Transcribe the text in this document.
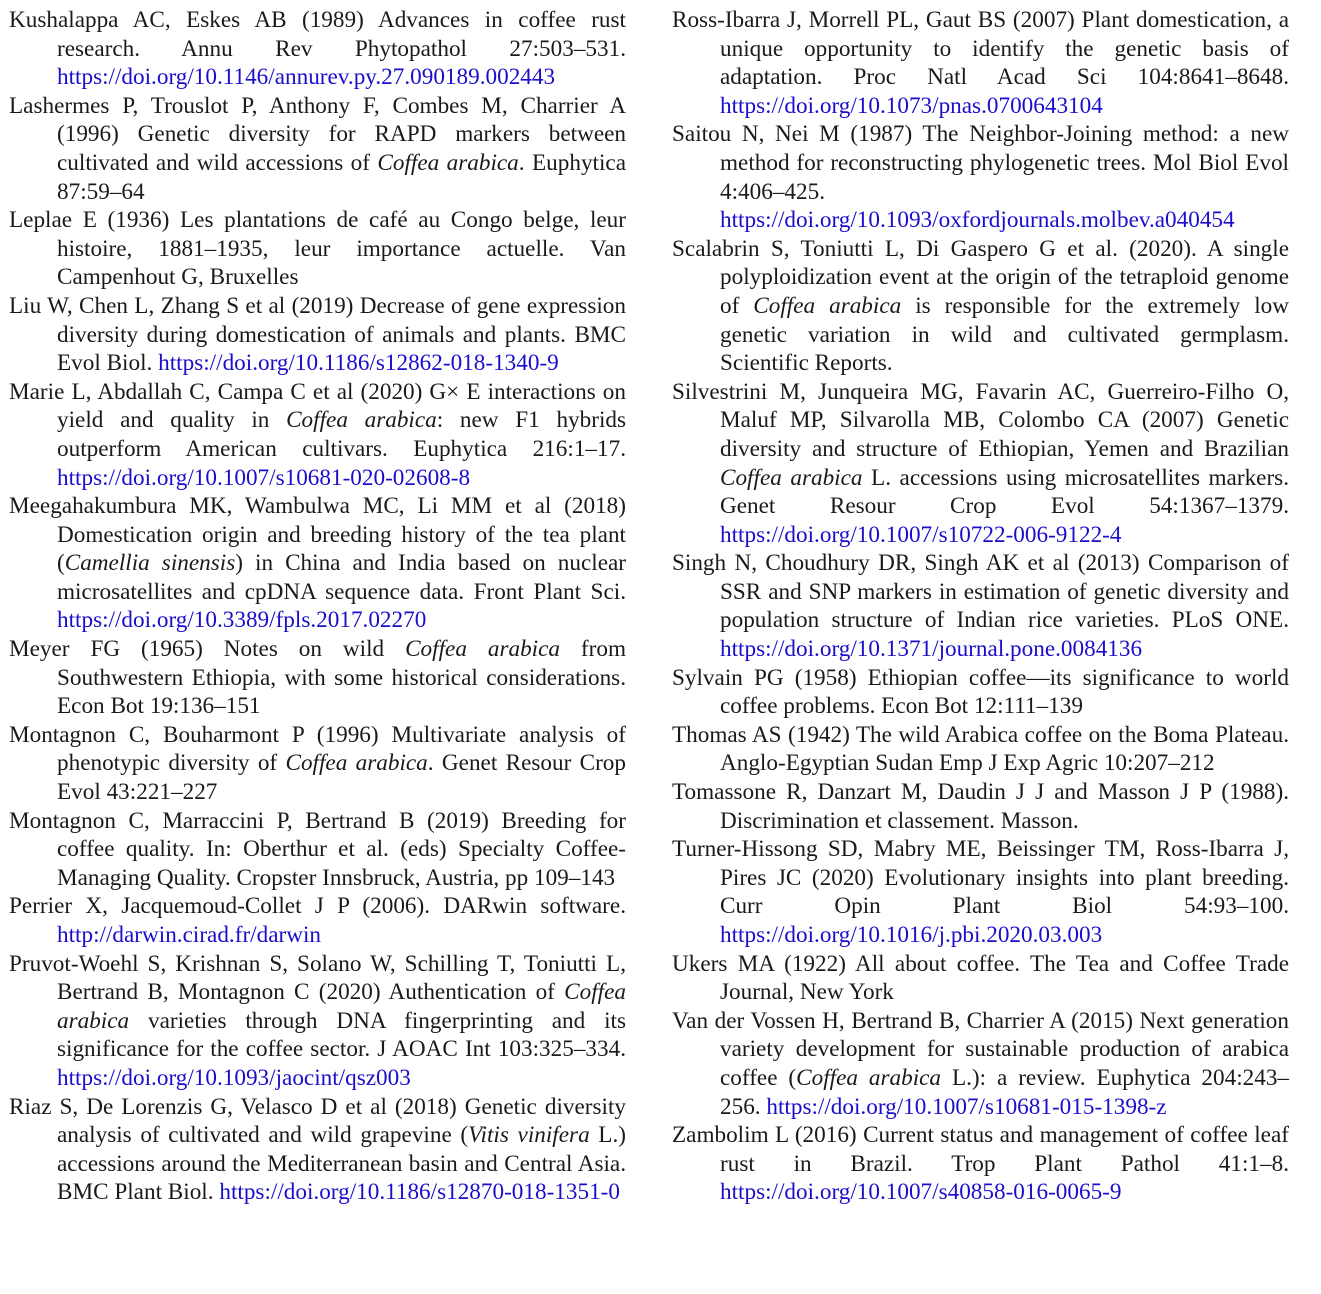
Kushalappa AC, Eskes AB (1989) Advances in coffee rust research. Annu Rev Phytopathol 27:503–531. https://doi.org/10.1146/annurev.py.27.090189.002443

Lashermes P, Trouslot P, Anthony F, Combes M, Charrier A (1996) Genetic diversity for RAPD markers between cultivated and wild accessions of Coffea arabica. Euphytica 87:59–64

Leplae E (1936) Les plantations de café au Congo belge, leur histoire, 1881–1935, leur importance actuelle. Van Campenhout G, Bruxelles

Liu W, Chen L, Zhang S et al (2019) Decrease of gene expression diversity during domestication of animals and plants. BMC Evol Biol. https://doi.org/10.1186/s12862-018-1340-9

Marie L, Abdallah C, Campa C et al (2020) G× E interactions on yield and quality in Coffea arabica: new F1 hybrids outperform American cultivars. Euphytica 216:1–17. https://doi.org/10.1007/s10681-020-02608-8

Meegahakumbura MK, Wambulwa MC, Li MM et al (2018) Domestication origin and breeding history of the tea plant (Camellia sinensis) in China and India based on nuclear microsatellites and cpDNA sequence data. Front Plant Sci. https://doi.org/10.3389/fpls.2017.02270

Meyer FG (1965) Notes on wild Coffea arabica from Southwestern Ethiopia, with some historical considerations. Econ Bot 19:136–151

Montagnon C, Bouharmont P (1996) Multivariate analysis of phenotypic diversity of Coffea arabica. Genet Resour Crop Evol 43:221–227

Montagnon C, Marraccini P, Bertrand B (2019) Breeding for coffee quality. In: Oberthur et al. (eds) Specialty Coffee-Managing Quality. Cropster Innsbruck, Austria, pp 109–143

Perrier X, Jacquemoud-Collet J P (2006). DARwin software. http://darwin.cirad.fr/darwin

Pruvot-Woehl S, Krishnan S, Solano W, Schilling T, Toniutti L, Bertrand B, Montagnon C (2020) Authentication of Coffea arabica varieties through DNA fingerprinting and its significance for the coffee sector. J AOAC Int 103:325–334. https://doi.org/10.1093/jaocint/qsz003

Riaz S, De Lorenzis G, Velasco D et al (2018) Genetic diversity analysis of cultivated and wild grapevine (Vitis vinifera L.) accessions around the Mediterranean basin and Central Asia. BMC Plant Biol. https://doi.org/10.1186/s12870-018-1351-0

Ross-Ibarra J, Morrell PL, Gaut BS (2007) Plant domestication, a unique opportunity to identify the genetic basis of adaptation. Proc Natl Acad Sci 104:8641–8648. https://doi.org/10.1073/pnas.0700643104

Saitou N, Nei M (1987) The Neighbor-Joining method: a new method for reconstructing phylogenetic trees. Mol Biol Evol 4:406–425. https://doi.org/10.1093/oxfordjournals.molbev.a040454

Scalabrin S, Toniutti L, Di Gaspero G et al. (2020). A single polyploidization event at the origin of the tetraploid genome of Coffea arabica is responsible for the extremely low genetic variation in wild and cultivated germplasm. Scientific Reports.

Silvestrini M, Junqueira MG, Favarin AC, Guerreiro-Filho O, Maluf MP, Silvarolla MB, Colombo CA (2007) Genetic diversity and structure of Ethiopian, Yemen and Brazilian Coffea arabica L. accessions using microsatellites markers. Genet Resour Crop Evol 54:1367–1379. https://doi.org/10.1007/s10722-006-9122-4

Singh N, Choudhury DR, Singh AK et al (2013) Comparison of SSR and SNP markers in estimation of genetic diversity and population structure of Indian rice varieties. PLoS ONE. https://doi.org/10.1371/journal.pone.0084136

Sylvain PG (1958) Ethiopian coffee—its significance to world coffee problems. Econ Bot 12:111–139

Thomas AS (1942) The wild Arabica coffee on the Boma Plateau. Anglo-Egyptian Sudan Emp J Exp Agric 10:207–212

Tomassone R, Danzart M, Daudin J J and Masson J P (1988). Discrimination et classement. Masson.

Turner-Hissong SD, Mabry ME, Beissinger TM, Ross-Ibarra J, Pires JC (2020) Evolutionary insights into plant breeding. Curr Opin Plant Biol 54:93–100. https://doi.org/10.1016/j.pbi.2020.03.003

Ukers MA (1922) All about coffee. The Tea and Coffee Trade Journal, New York

Van der Vossen H, Bertrand B, Charrier A (2015) Next generation variety development for sustainable production of arabica coffee (Coffea arabica L.): a review. Euphytica 204:243–256. https://doi.org/10.1007/s10681-015-1398-z

Zambolim L (2016) Current status and management of coffee leaf rust in Brazil. Trop Plant Pathol 41:1–8. https://doi.org/10.1007/s40858-016-0065-9
